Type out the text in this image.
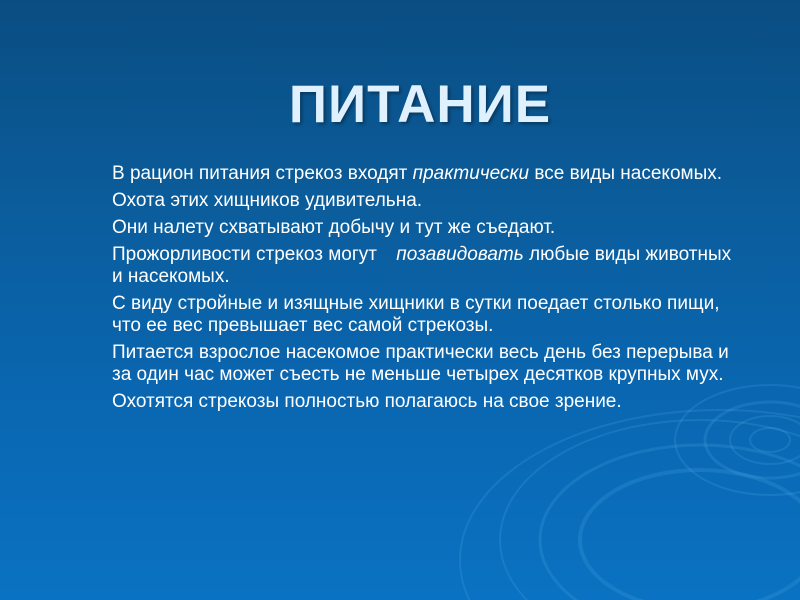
ПИТАНИЕ

В рацион питания стрекоз входят практически все виды насекомых.

Охота этих хищников удивительна.

Они налету схватывают добычу и тут же съедают.

Прожорливости стрекоз могут позавидовать любые виды животных и насекомых.

С виду стройные и изящные хищники в сутки поедает столько пищи, что ее вес превышает вес самой стрекозы.

Питается взрослое насекомое практически весь день без перерыва и за один час может съесть не меньше четырех десятков крупных мух.

Охотятся стрекозы полностью полагаюсь на свое зрение.
